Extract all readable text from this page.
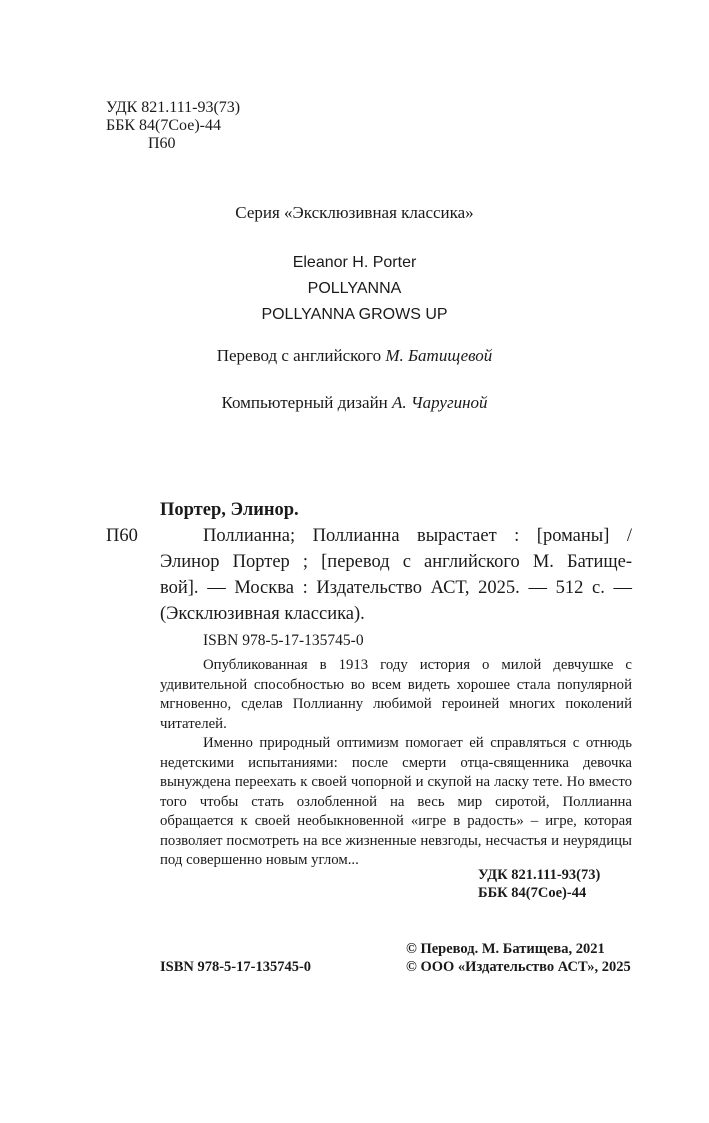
УДК 821.111-93(73)
ББК 84(7Сое)-44
П60
Серия «Эксклюзивная классика»
Eleanor H. Porter
POLLYANNA
POLLYANNA GROWS UP
Перевод с английского М. Батищевой
Компьютерный дизайн А. Чаругиной
Портер, Элинор.
П60	Поллианна; Поллианна вырастает : [романы] /
Элинор Портер ; [перевод с английского М. Батище-
вой]. — Москва : Издательство АСТ, 2025. — 512 с. —
(Эксклюзивная классика).
ISBN 978-5-17-135745-0

Опубликованная в 1913 году история о милой девчушке с удивительной способностью во всем видеть хорошее стала популярной мгновенно, сделав Поллианну любимой героиней многих поколений читателей.

Именно природный оптимизм помогает ей справляться с отнюдь недетскими испытаниями: после смерти отца-священника девочка вынуждена переехать к своей чопорной и скупой на ласку тете. Но вместо того чтобы стать озлобленной на весь мир сиротой, Поллианна обращается к своей необыкновенной «игре в радость» – игре, которая позволяет посмотреть на все жизненные невзгоды, несчастья и неурядицы под совершенно новым углом...

УДК 821.111-93(73)
ББК 84(7Сое)-44
© Перевод. М. Батищева, 2021
© ООО «Издательство АСТ», 2025
ISBN 978-5-17-135745-0
